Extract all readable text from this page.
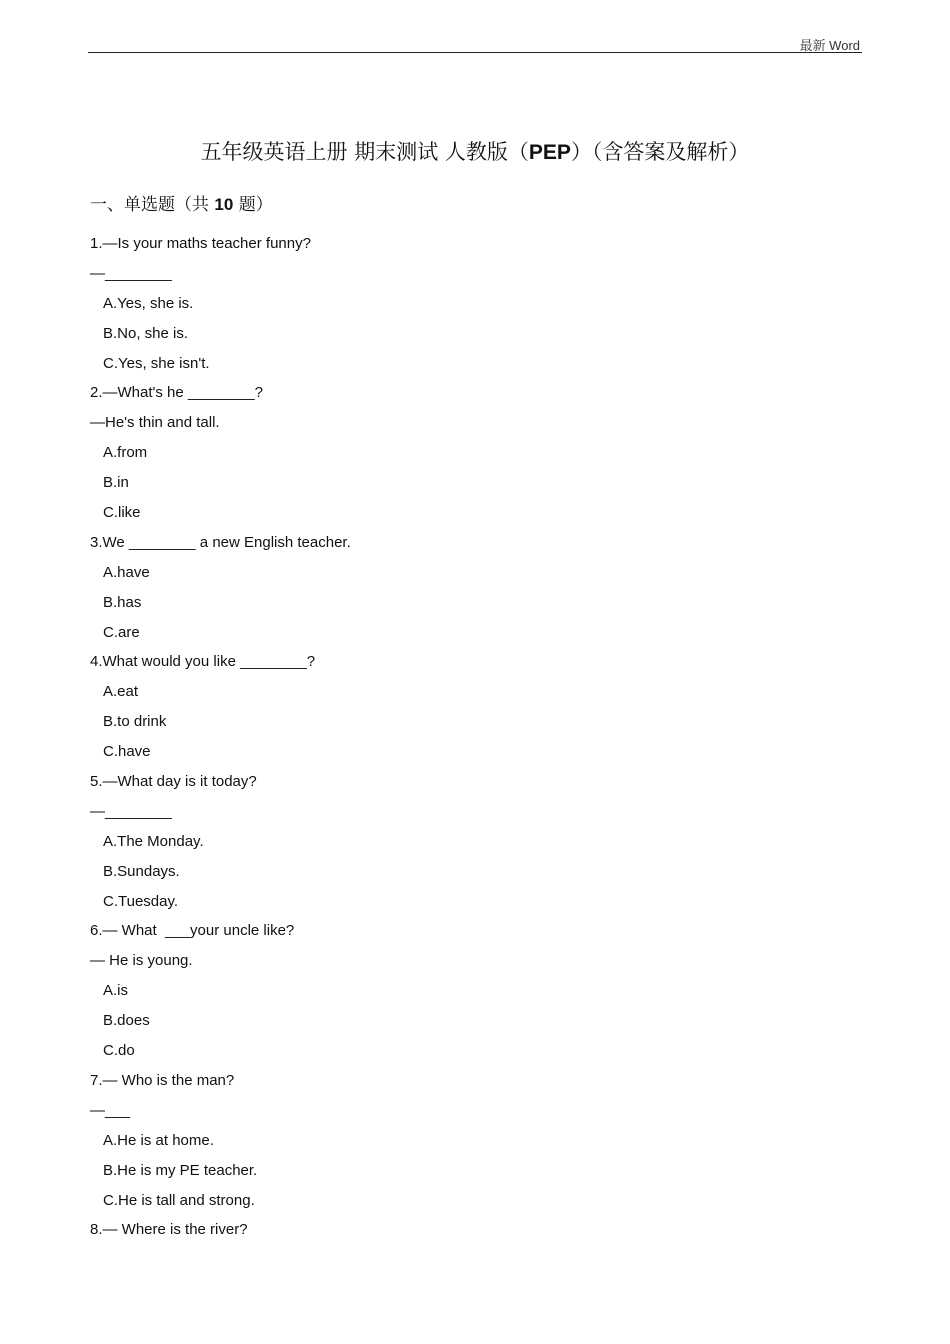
最新 Word
五年级英语上册 期末测试 人教版（PEP）（含答案及解析）
一、单选题（共 10 题）
1.—Is your maths teacher funny?
—________
A.Yes, she is.
B.No, she is.
C.Yes, she isn't.
2.—What's he ________?
—He's thin and tall.
A.from
B.in
C.like
3.We ________ a new English teacher.
A.have
B.has
C.are
4.What would you like ________?
A.eat
B.to drink
C.have
5.—What day is it today?
—________
A.The Monday.
B.Sundays.
C.Tuesday.
6.— What  ___your uncle like?
— He is young.
A.is
B.does
C.do
7.— Who is the man?
—___
A.He is at home.
B.He is my PE teacher.
C.He is tall and strong.
8.— Where is the river?
